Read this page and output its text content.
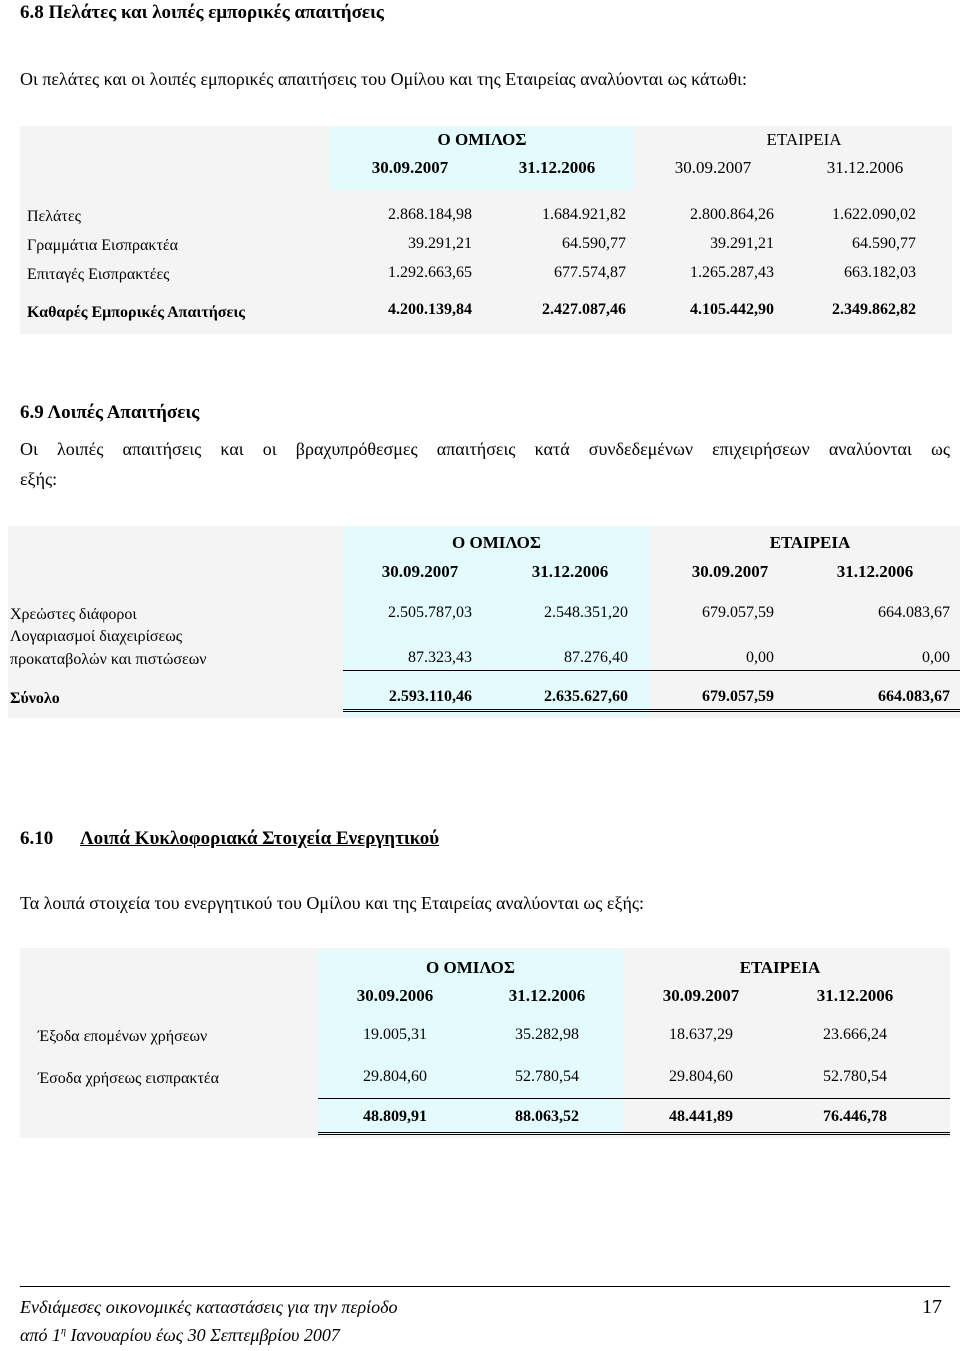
6.8 Πελάτες και λοιπές εμπορικές απαιτήσεις
Οι πελάτες και οι λοιπές εμπορικές απαιτήσεις του Ομίλου και της Εταιρείας αναλύονται ως κάτωθι:
Ο ΟΜΙΛΟΣ	ΕΤΑΙΡΕΙΑ
30.09.2007	31.12.2006	30.09.2007	31.12.2006
Πελάτες	2.868.184,98	1.684.921,82	2.800.864,26	1.622.090,02
Γραμμάτια Εισπρακτέα	39.291,21	64.590,77	39.291,21	64.590,77
Επιταγές Εισπρακτέες	1.292.663,65	677.574,87	1.265.287,43	663.182,03
Καθαρές Εμπορικές Απαιτήσεις	4.200.139,84	2.427.087,46	4.105.442,90	2.349.862,82
6.9 Λοιπές Απαιτήσεις
Οι λοιπές απαιτήσεις και οι βραχυπρόθεσμες απαιτήσεις κατά συνδεδεμένων επιχειρήσεων αναλύονται ως
εξής:
Ο ΟΜΙΛΟΣ	ΕΤΑΙΡΕΙΑ
30.09.2007	31.12.2006	30.09.2007	31.12.2006
Χρεώστες διάφοροι	2.505.787,03	2.548.351,20	679.057,59	664.083,67
Λογαριασμοί διαχειρίσεως
προκαταβολών και πιστώσεων	87.323,43	87.276,40	0,00	0,00
Σύνολο	2.593.110,46	2.635.627,60	679.057,59	664.083,67
6.10 Λοιπά Κυκλοφοριακά Στοιχεία Ενεργητικού
Τα λοιπά στοιχεία του ενεργητικού του Ομίλου και της Εταιρείας αναλύονται ως εξής:
Ο ΟΜΙΛΟΣ	ΕΤΑΙΡΕΙΑ
30.09.2006	31.12.2006	30.09.2007	31.12.2006
Έξοδα επομένων χρήσεων	19.005,31	35.282,98	18.637,29	23.666,24
Έσοδα χρήσεως εισπρακτέα	29.804,60	52.780,54	29.804,60	52.780,54
48.809,91	88.063,52	48.441,89	76.446,78
Ενδιάμεσες οικονομικές καταστάσεις για την περίοδο
από $1^\eta$ Ιανουαρίου έως 30 Σεπτεμβρίου 2007
17
